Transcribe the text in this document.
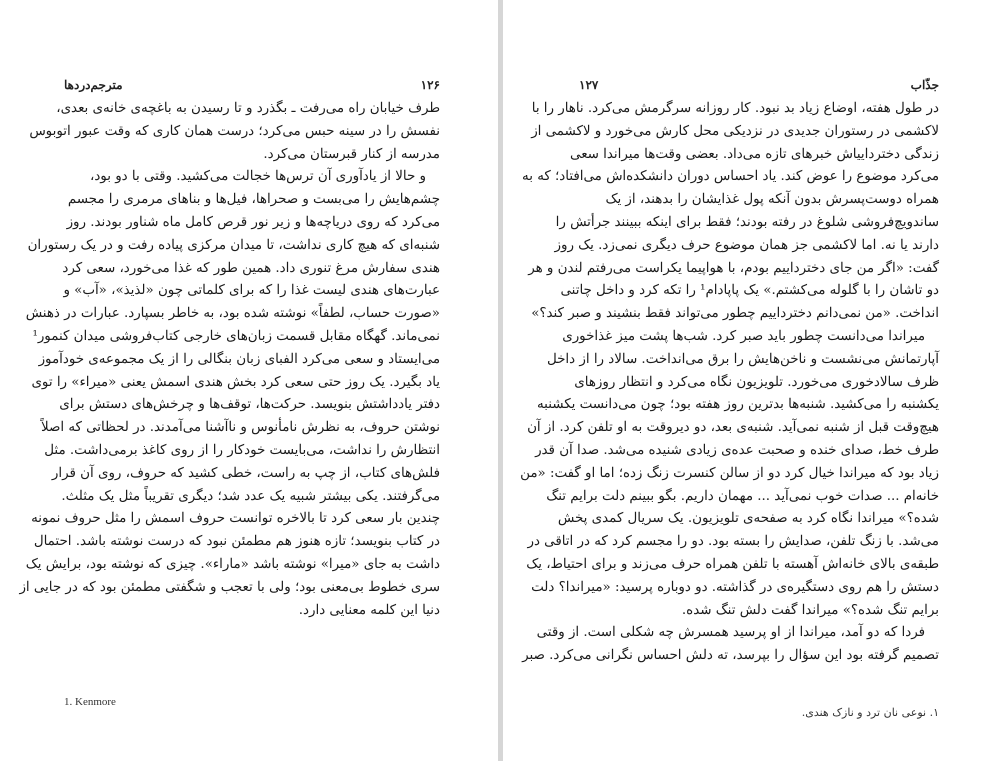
۱۲۶
مترجم‌دردها
طرف خیابان راه می‌رفت ـ بگذرد و تا رسیدن به باغچه‌ی خانه‌ی بعدی،
نفسش را در سینه حبس می‌کرد؛ درست همان کاری که وقت عبور اتوبوس
مدرسه از کنار قبرستان می‌کرد.
و حالا از یادآوری آن ترس‌ها خجالت می‌کشید. وقتی با دو بود،
چشم‌هایش را می‌بست و صحراها، فیل‌ها و بناهای مرمری را مجسم
می‌کرد که روی دریاچه‌ها و زیر نور قرص کامل ماه شناور بودند. روز
شنبه‌ای که هیچ کاری نداشت، تا میدان مرکزی پیاده رفت و در یک رستوران
هندی سفارش مرغ تنوری داد. همین طور که غذا می‌خورد، سعی کرد
عبارت‌های هندی لیست غذا را که برای کلماتی چون «لذیذ»، «آب» و
«صورت حساب، لطفاً» نوشته شده بود، به خاطر بسپارد. عبارات در ذهنش
نمی‌ماند. گهگاه مقابل قسمت زبان‌های خارجی کتاب‌فروشی میدان کنمور¹
می‌ایستاد و سعی می‌کرد الفبای زبان بنگالی را از یک مجموعه‌ی خودآموز
یاد بگیرد. یک روز حتی سعی کرد بخش هندی اسمش یعنی «میراء» را توی
دفتر یادداشتش بنویسد. حرکت‌ها، توقف‌ها و چرخش‌های دستش برای
نوشتن حروف، به نظرش نامأنوس و ناآشنا می‌آمدند. در لحظاتی که اصلاً
انتظارش را نداشت، می‌بایست خودکار را از روی کاغذ برمی‌داشت. مثل
فلش‌های کتاب، از چپ به راست، خطی کشید که حروف، روی آن قرار
می‌گرفتند. یکی بیشتر شبیه یک عدد شد؛ دیگری تقریباً مثل یک مثلث.
چندین بار سعی کرد تا بالاخره توانست حروف اسمش را مثل حروف نمونه
در کتاب بنویسد؛ تازه هنوز هم مطمئن نبود که درست نوشته باشد. احتمال
داشت به جای «میرا» نوشته باشد «ماراء». چیزی که نوشته بود، برایش یک
سری خطوط بی‌معنی بود؛ ولی با تعجب و شگفتی مطمئن بود که در جایی از
دنیا این کلمه معنایی دارد.
1. Kenmore
جذّاب
۱۲۷
در طول هفته، اوضاع زیاد بد نبود. کار روزانه سرگرمش می‌کرد. ناهار را با
لاکشمی در رستوران جدیدی در نزدیکی محل کارش می‌خورد و لاکشمی از
زندگی دخترداییاش خبرهای تازه می‌داد. بعضی وقت‌ها میراندا سعی
می‌کرد موضوع را عوض کند. یاد احساس دوران دانشکده‌اش می‌افتاد؛ که به
همراه دوست‌پسرش بدون آنکه پول غذایشان را بدهند، از یک
ساندویچ‌فروشی شلوغ در رفته بودند؛ فقط برای اینکه ببینند جرأتش را
دارند یا نه. اما لاکشمی جز همان موضوع حرف دیگری نمی‌زد. یک روز
گفت: «اگر من جای دخترداییم بودم، با هواپیما یکراست می‌رفتم لندن و هر
دو تاشان را با گلوله می‌کشتم.» یک پاپادام¹ را تکه کرد و داخل چاتنی
انداخت. «من نمی‌دانم دخترداییم چطور می‌تواند فقط بنشیند و صبر کند؟»
میراندا می‌دانست چطور باید صبر کرد. شب‌ها پشت میز غذاخوری
آپارتمانش می‌نشست و ناخن‌هایش را برق می‌انداخت. سالاد را از داخل
ظرف سالادخوری می‌خورد. تلویزیون نگاه می‌کرد و انتظار روزهای
یکشنبه را می‌کشید. شنبه‌ها بدترین روز هفته بود؛ چون می‌دانست یکشنبه
هیچ‌وقت قبل از شنبه نمی‌آید. شنبه‌ی بعد، دو دیروقت به او تلفن کرد. از آن
طرف خط، صدای خنده و صحبت عده‌ی زیادی شنیده می‌شد. صدا آن قدر
زیاد بود که میراندا خیال کرد دو از سالن کنسرت زنگ زده؛ اما او گفت: «من
خانه‌ام ... صدات خوب نمی‌آید ... مهمان داریم. بگو ببینم دلت برایم تنگ
شده؟» میراندا نگاه کرد به صفحه‌ی تلویزیون. یک سریال کمدی پخش
می‌شد. با زنگ تلفن، صدایش را بسته بود. دو را مجسم کرد که در اتاقی در
طبقه‌ی بالای خانه‌اش آهسته با تلفن همراه حرف می‌زند و برای احتیاط، یک
دستش را هم روی دستگیره‌ی در گذاشته. دو دوباره پرسید: «میراندا؟ دلت
برایم تنگ شده؟» میراندا گفت دلش تنگ شده.
فردا که دو آمد، میراندا از او پرسید همسرش چه شکلی است. از وقتی
تصمیم گرفته بود این سؤال را بپرسد، ته دلش احساس نگرانی می‌کرد. صبر
۱. نوعی نان ترد و نازک هندی.
